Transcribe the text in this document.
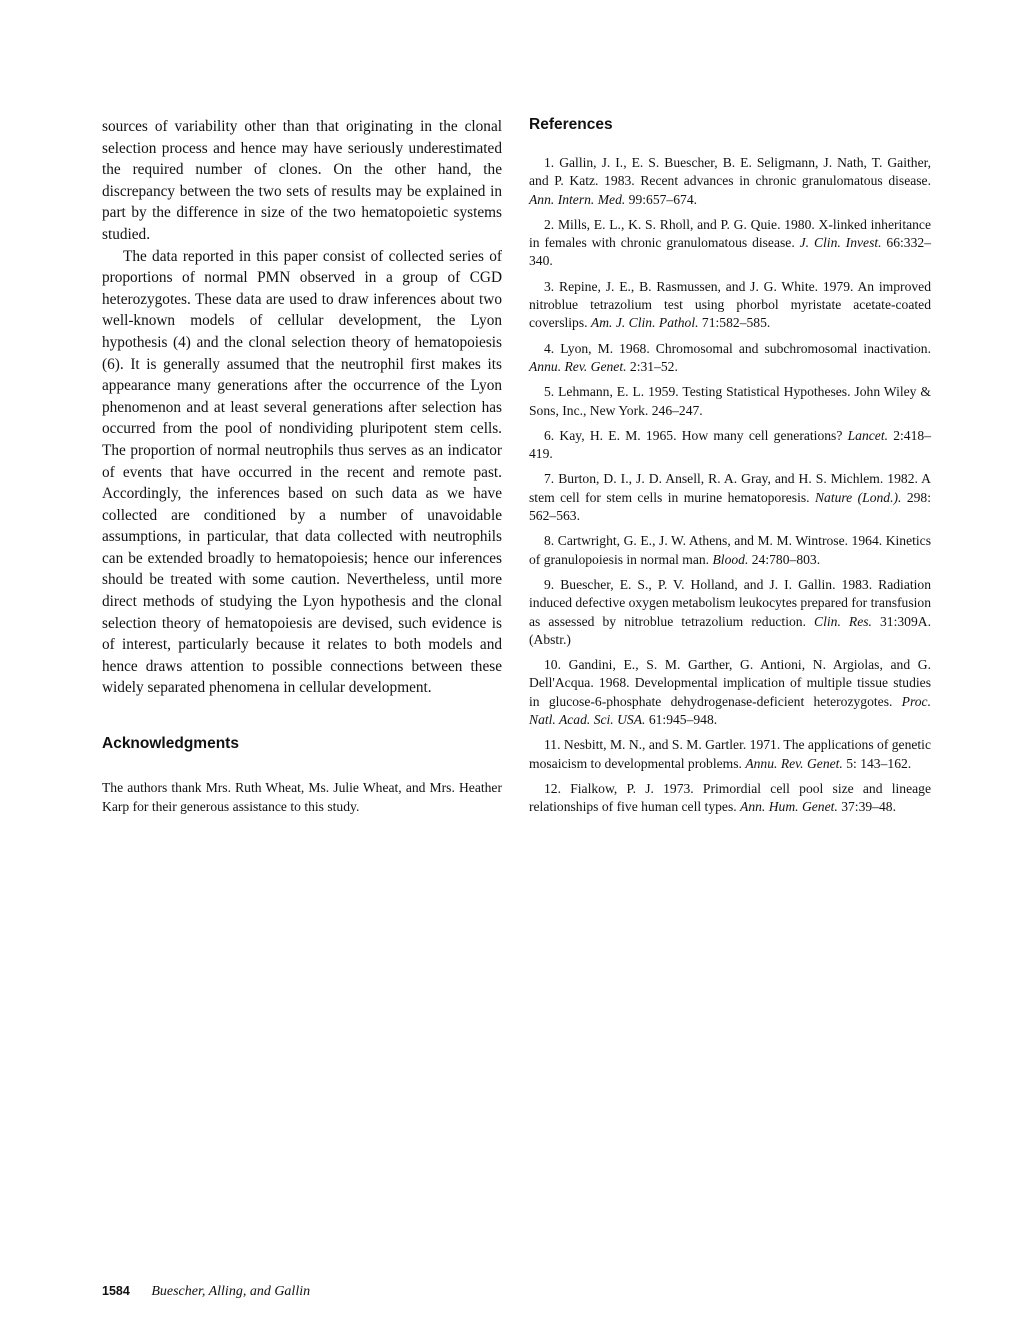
sources of variability other than that originating in the clonal selection process and hence may have seriously underestimated the required number of clones. On the other hand, the discrepancy between the two sets of results may be explained in part by the difference in size of the two hematopoietic systems studied.

The data reported in this paper consist of collected series of proportions of normal PMN observed in a group of CGD heterozygotes. These data are used to draw inferences about two well-known models of cellular development, the Lyon hypothesis (4) and the clonal selection theory of hematopoiesis (6). It is generally assumed that the neutrophil first makes its appearance many generations after the occurrence of the Lyon phenomenon and at least several generations after selection has occurred from the pool of nondividing pluripotent stem cells. The proportion of normal neutrophils thus serves as an indicator of events that have occurred in the recent and remote past. Accordingly, the inferences based on such data as we have collected are conditioned by a number of unavoidable assumptions, in particular, that data collected with neutrophils can be extended broadly to hematopoiesis; hence our inferences should be treated with some caution. Nevertheless, until more direct methods of studying the Lyon hypothesis and the clonal selection theory of hematopoiesis are devised, such evidence is of interest, particularly because it relates to both models and hence draws attention to possible connections between these widely separated phenomena in cellular development.

Acknowledgments

The authors thank Mrs. Ruth Wheat, Ms. Julie Wheat, and Mrs. Heather Karp for their generous assistance to this study.

References

1. Gallin, J. I., E. S. Buescher, B. E. Seligmann, J. Nath, T. Gaither, and P. Katz. 1983. Recent advances in chronic granulomatous disease. Ann. Intern. Med. 99:657–674.

2. Mills, E. L., K. S. Rholl, and P. G. Quie. 1980. X-linked inheritance in females with chronic granulomatous disease. J. Clin. Invest. 66:332–340.

3. Repine, J. E., B. Rasmussen, and J. G. White. 1979. An improved nitroblue tetrazolium test using phorbol myristate acetate-coated coverslips. Am. J. Clin. Pathol. 71:582–585.

4. Lyon, M. 1968. Chromosomal and subchromosomal inactivation. Annu. Rev. Genet. 2:31–52.

5. Lehmann, E. L. 1959. Testing Statistical Hypotheses. John Wiley & Sons, Inc., New York. 246–247.

6. Kay, H. E. M. 1965. How many cell generations? Lancet. 2:418–419.

7. Burton, D. I., J. D. Ansell, R. A. Gray, and H. S. Michlem. 1982. A stem cell for stem cells in murine hematoporesis. Nature (Lond.). 298: 562–563.

8. Cartwright, G. E., J. W. Athens, and M. M. Wintrose. 1964. Kinetics of granulopoiesis in normal man. Blood. 24:780–803.

9. Buescher, E. S., P. V. Holland, and J. I. Gallin. 1983. Radiation induced defective oxygen metabolism leukocytes prepared for transfusion as assessed by nitroblue tetrazolium reduction. Clin. Res. 31:309A. (Abstr.)

10. Gandini, E., S. M. Garther, G. Antioni, N. Argiolas, and G. Dell'Acqua. 1968. Developmental implication of multiple tissue studies in glucose-6-phosphate dehydrogenase-deficient heterozygotes. Proc. Natl. Acad. Sci. USA. 61:945–948.

11. Nesbitt, M. N., and S. M. Gartler. 1971. The applications of genetic mosaicism to developmental problems. Annu. Rev. Genet. 5: 143–162.

12. Fialkow, P. J. 1973. Primordial cell pool size and lineage relationships of five human cell types. Ann. Hum. Genet. 37:39–48.

1584 Buescher, Alling, and Gallin
